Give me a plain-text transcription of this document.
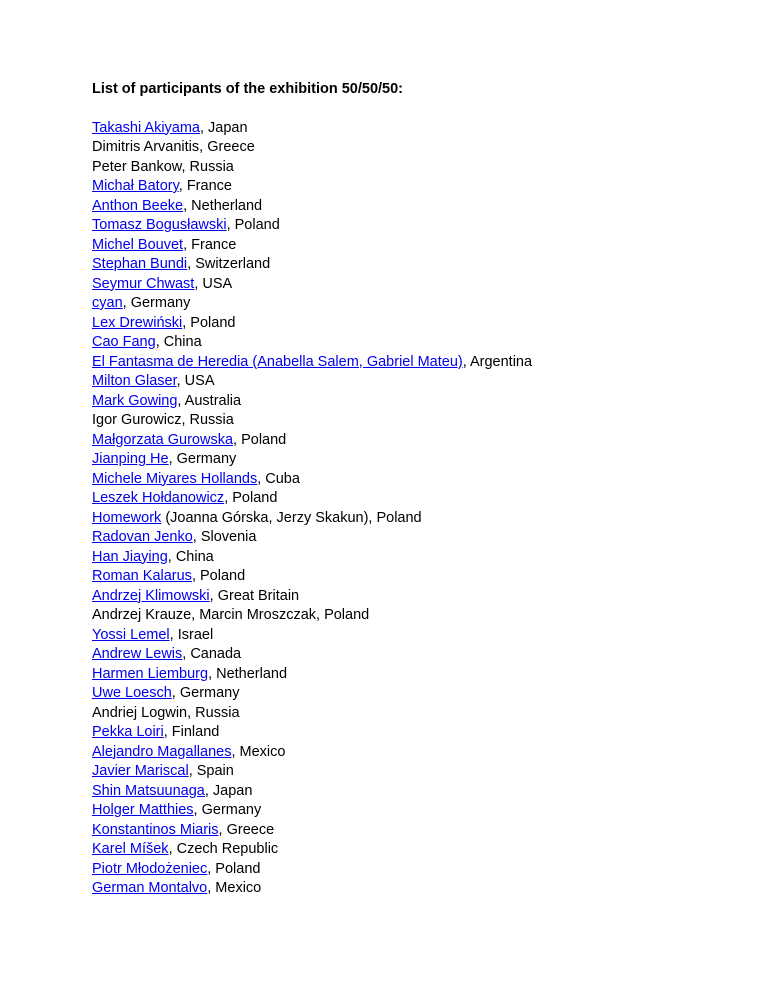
List of participants of the exhibition 50/50/50:
Takashi Akiyama, Japan
Dimitris Arvanitis, Greece
Peter Bankow, Russia
Michał Batory, France
Anthon Beeke, Netherland
Tomasz Bogusławski, Poland
Michel Bouvet, France
Stephan Bundi, Switzerland
Seymur Chwast, USA
cyan, Germany
Lex Drewiński, Poland
Cao Fang, China
El Fantasma de Heredia (Anabella Salem, Gabriel Mateu), Argentina
Milton Glaser, USA
Mark Gowing, Australia
Igor Gurowicz, Russia
Małgorzata Gurowska, Poland
Jianping He, Germany
Michele Miyares Hollands, Cuba
Leszek Hołdanowicz, Poland
Homework (Joanna Górska, Jerzy Skakun), Poland
Radovan Jenko, Slovenia
Han Jiaying, China
Roman Kalarus, Poland
Andrzej Klimowski, Great Britain
Andrzej Krauze, Marcin Mroszczak, Poland
Yossi Lemel, Israel
Andrew Lewis, Canada
Harmen Liemburg, Netherland
Uwe Loesch, Germany
Andriej Logwin, Russia
Pekka Loiri, Finland
Alejandro Magallanes, Mexico
Javier Mariscal, Spain
Shin Matsuunaga, Japan
Holger Matthies, Germany
Konstantinos Miaris, Greece
Karel Míšek, Czech Republic
Piotr Młodożeniec, Poland
German Montalvo, Mexico
